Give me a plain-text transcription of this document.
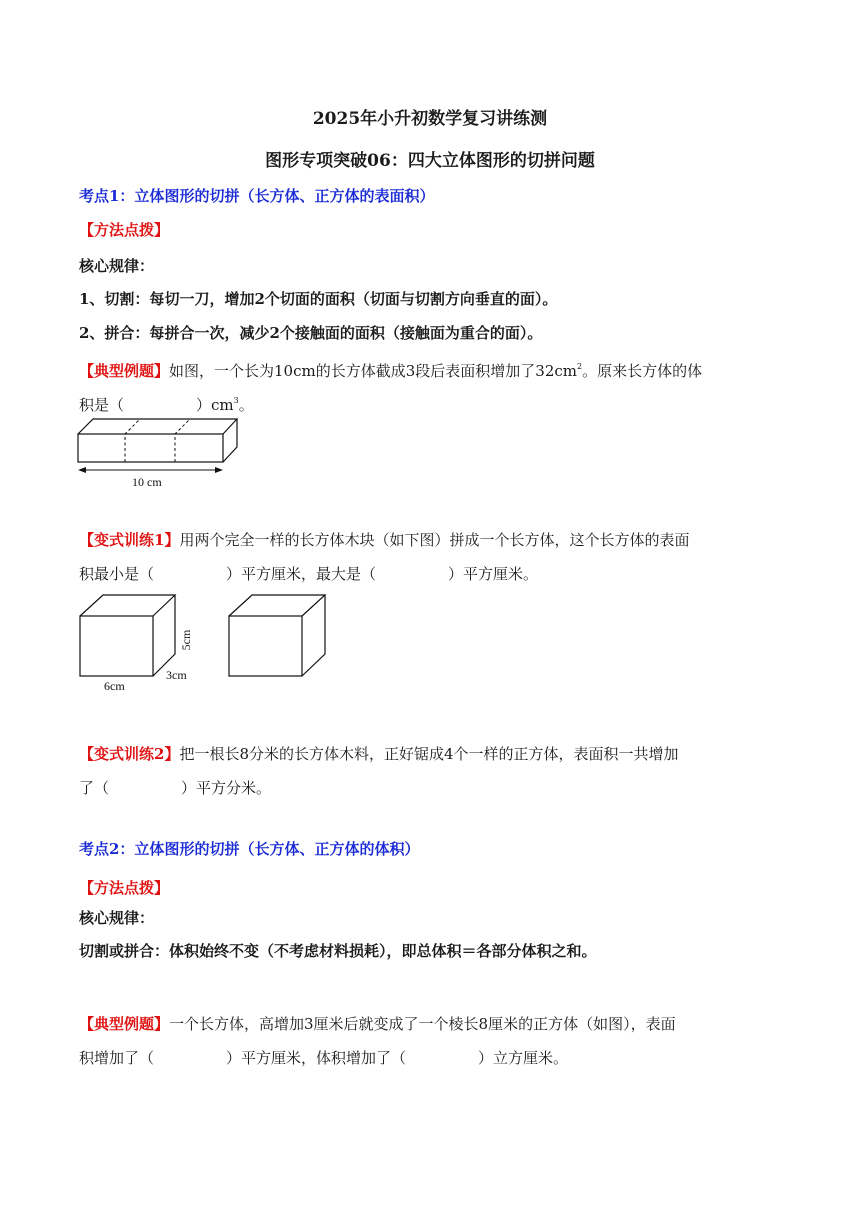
2025年小升初数学复习讲练测
图形专项突破06：四大立体图形的切拼问题
考点1：立体图形的切拼（长方体、正方体的表面积）
【方法点拨】
核心规律：
1、切割：每切一刀，增加2个切面的面积（切面与切割方向垂直的面）。
2、拼合：每拼合一次，减少2个接触面的面积（接触面为重合的面）。
【典型例题】如图，一个长为10cm的长方体截成3段后表面积增加了$32cm^2$。原来长方体的体
积是（	）$cm^3$。
10 cm
【变式训练1】用两个完全一样的长方体木块（如下图）拼成一个长方体，这个长方体的表面
积最小是（	）平方厘米，最大是（	）平方厘米。
5cm
3cm
6cm
【变式训练2】把一根长8分米的长方体木料，正好锯成4个一样的正方体，表面积一共增加
了（	）平方分米。
考点2：立体图形的切拼（长方体、正方体的体积）
【方法点拨】
核心规律：
切割或拼合：体积始终不变（不考虑材料损耗），即总体积＝各部分体积之和。
【典型例题】一个长方体，高增加3厘米后就变成了一个棱长8厘米的正方体（如图），表面
积增加了（	）平方厘米，体积增加了（	）立方厘米。
